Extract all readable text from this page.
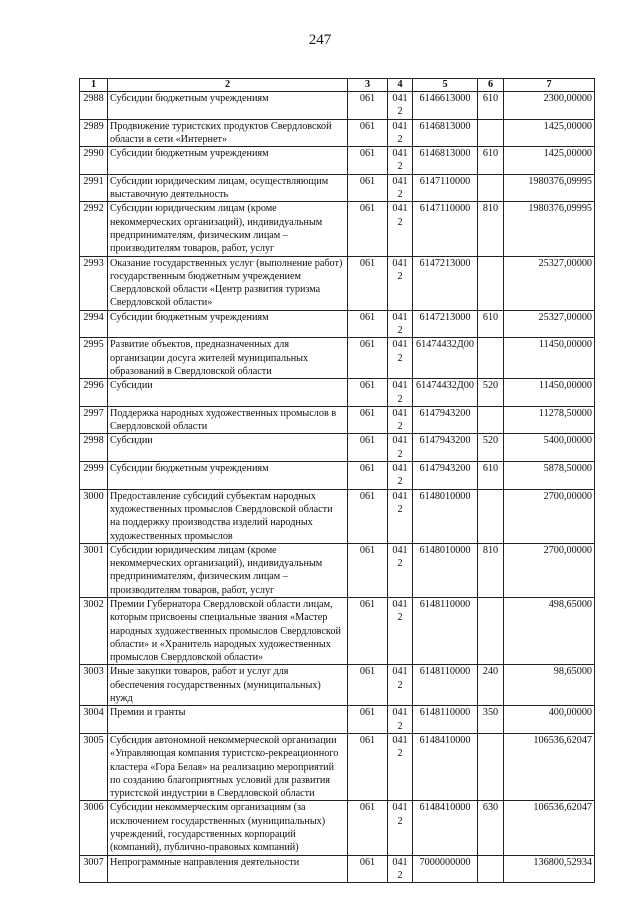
247
1	2	3	4	5	6	7
2988	Субсидии бюджетным учреждениям	061	0412	6146613000	610	2300,00000
2989	Продвижение туристских продуктов Свердловской области в сети «Интернет»	061	0412	6146813000		1425,00000
2990	Субсидии бюджетным учреждениям	061	0412	6146813000	610	1425,00000
2991	Субсидии юридическим лицам, осуществляющим выставочную деятельность	061	0412	6147110000		1980376,09995
2992	Субсидии юридическим лицам (кроме некоммерческих организаций), индивидуальным предпринимателям, физическим лицам – производителям товаров, работ, услуг	061	0412	6147110000	810	1980376,09995
2993	Оказание государственных услуг (выполнение работ) государственным бюджетным учреждением Свердловской области «Центр развития туризма Свердловской области»	061	0412	6147213000		25327,00000
2994	Субсидии бюджетным учреждениям	061	0412	6147213000	610	25327,00000
2995	Развитие объектов, предназначенных для организации досуга жителей муниципальных образований в Свердловской области	061	0412	61474432Д00		11450,00000
2996	Субсидии	061	0412	61474432Д00	520	11450,00000
2997	Поддержка народных художественных промыслов в Свердловской области	061	0412	6147943200		11278,50000
2998	Субсидии	061	0412	6147943200	520	5400,00000
2999	Субсидии бюджетным учреждениям	061	0412	6147943200	610	5878,50000
3000	Предоставление субсидий субъектам народных художественных промыслов Свердловской области на поддержку производства изделий народных художественных промыслов	061	0412	6148010000		2700,00000
3001	Субсидии юридическим лицам (кроме некоммерческих организаций), индивидуальным предпринимателям, физическим лицам – производителям товаров, работ, услуг	061	0412	6148010000	810	2700,00000
3002	Премии Губернатора Свердловской области лицам, которым присвоены специальные звания «Мастер народных художественных промыслов Свердловской области» и «Хранитель народных художественных промыслов Свердловской области»	061	0412	6148110000		498,65000
3003	Иные закупки товаров, работ и услуг для обеспечения государственных (муниципальных) нужд	061	0412	6148110000	240	98,65000
3004	Премии и гранты	061	0412	6148110000	350	400,00000
3005	Субсидия автономной некоммерческой организации «Управляющая компания туристско-рекреационного кластера «Гора Белая» на реализацию мероприятий по созданию благоприятных условий для развития туристской индустрии в Свердловской области	061	0412	6148410000		106536,62047
3006	Субсидии некоммерческим организациям (за исключением государственных (муниципальных) учреждений, государственных корпораций (компаний), публично-правовых компаний)	061	0412	6148410000	630	106536,62047
3007	Непрограммные направления деятельности	061	0412	7000000000		136800,52934
